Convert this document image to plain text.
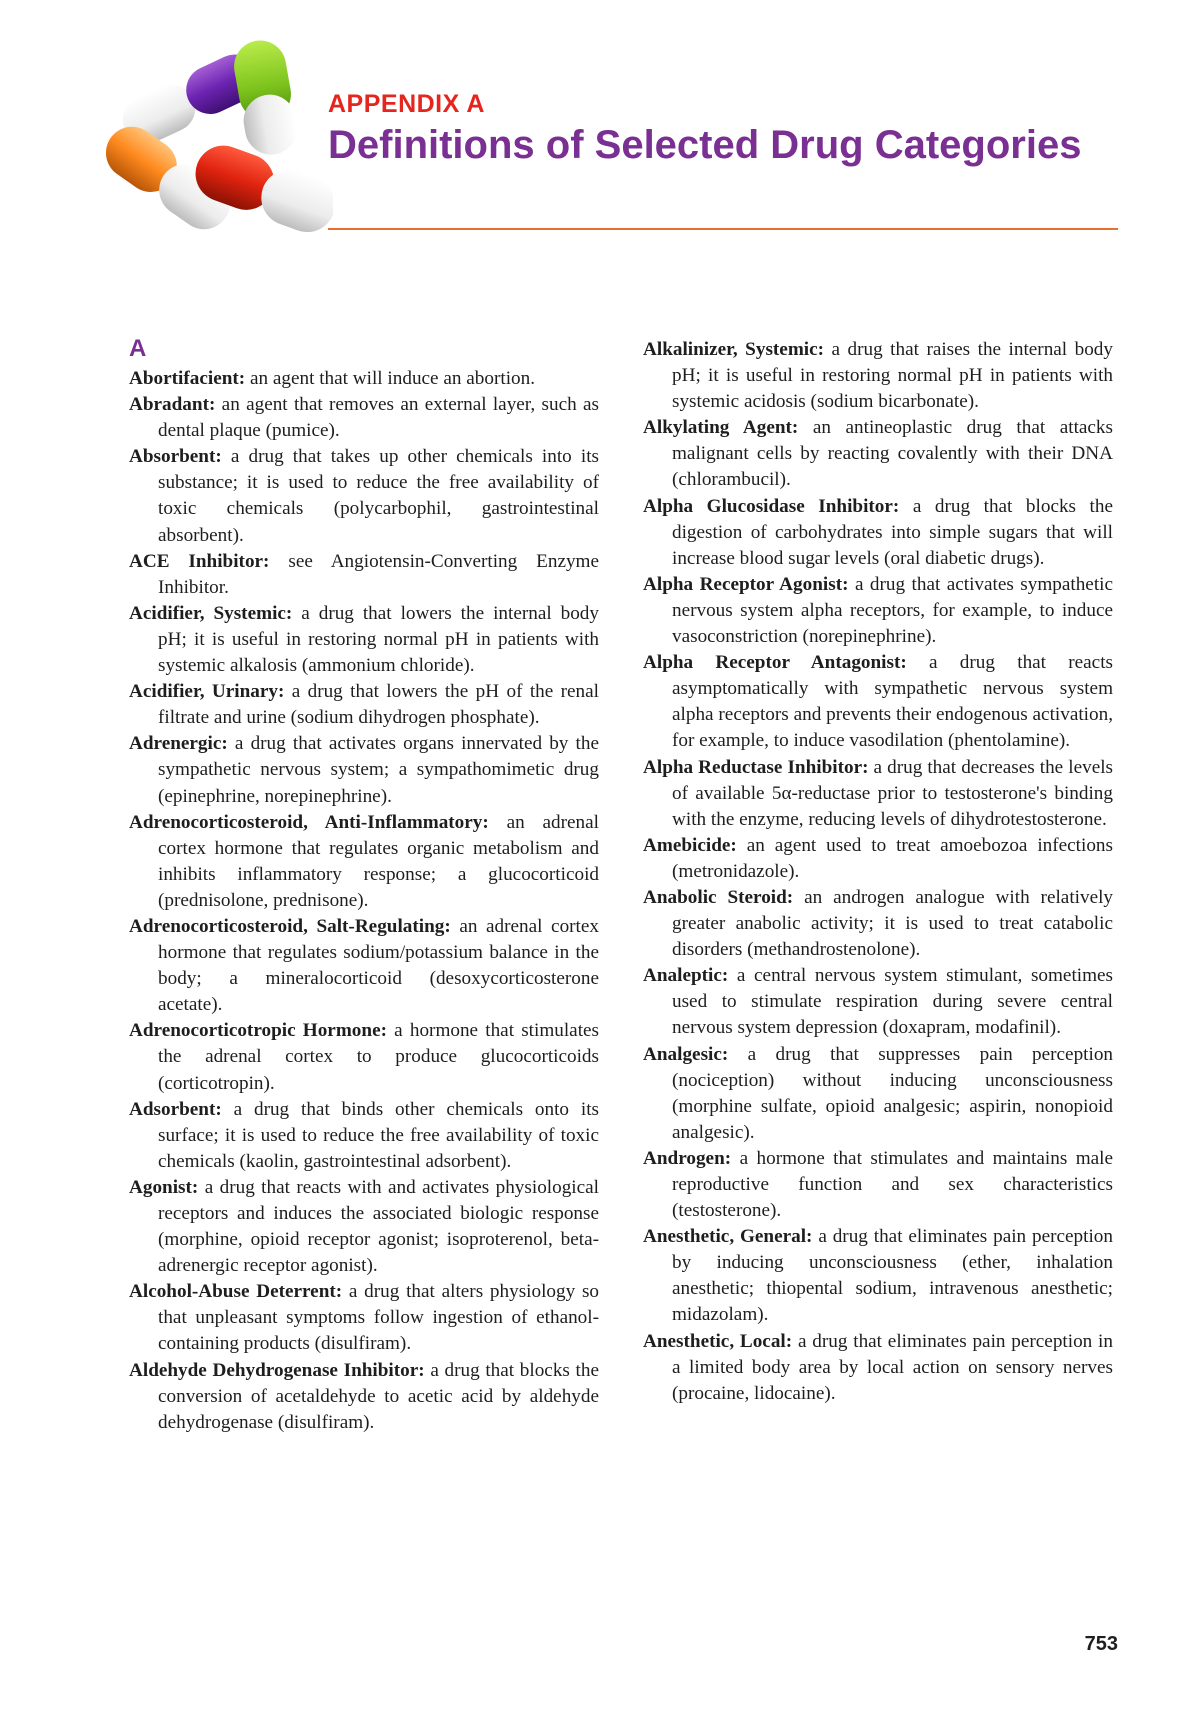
APPENDIX A
Definitions of Selected Drug Categories
A

Abortifacient: an agent that will induce an abortion.

Abradant: an agent that removes an external layer, such as dental plaque (pumice).

Absorbent: a drug that takes up other chemicals into its substance; it is used to reduce the free availability of toxic chemicals (polycarbophil, gastrointestinal absorbent).

ACE Inhibitor: see Angiotensin-Converting Enzyme Inhibitor.

Acidifier, Systemic: a drug that lowers the internal body pH; it is useful in restoring normal pH in patients with systemic alkalosis (ammonium chloride).

Acidifier, Urinary: a drug that lowers the pH of the renal filtrate and urine (sodium dihydrogen phosphate).

Adrenergic: a drug that activates organs innervated by the sympathetic nervous system; a sympathomimetic drug (epinephrine, norepinephrine).

Adrenocorticosteroid, Anti-Inflammatory: an adrenal cortex hormone that regulates organic metabolism and inhibits inflammatory response; a glucocorticoid (prednisolone, prednisone).

Adrenocorticosteroid, Salt-Regulating: an adrenal cortex hormone that regulates sodium/potassium balance in the body; a mineralocorticoid (desoxycorticosterone acetate).

Adrenocorticotropic Hormone: a hormone that stimulates the adrenal cortex to produce glucocorticoids (corticotropin).

Adsorbent: a drug that binds other chemicals onto its surface; it is used to reduce the free availability of toxic chemicals (kaolin, gastrointestinal adsorbent).

Agonist: a drug that reacts with and activates physiological receptors and induces the associated biologic response (morphine, opioid receptor agonist; isoproterenol, beta-adrenergic receptor agonist).

Alcohol-Abuse Deterrent: a drug that alters physiology so that unpleasant symptoms follow ingestion of ethanol-containing products (disulfiram).

Aldehyde Dehydrogenase Inhibitor: a drug that blocks the conversion of acetaldehyde to acetic acid by aldehyde dehydrogenase (disulfiram).

Alkalinizer, Systemic: a drug that raises the internal body pH; it is useful in restoring normal pH in patients with systemic acidosis (sodium bicarbonate).

Alkylating Agent: an antineoplastic drug that attacks malignant cells by reacting covalently with their DNA (chlorambucil).

Alpha Glucosidase Inhibitor: a drug that blocks the digestion of carbohydrates into simple sugars that will increase blood sugar levels (oral diabetic drugs).

Alpha Receptor Agonist: a drug that activates sympathetic nervous system alpha receptors, for example, to induce vasoconstriction (norepinephrine).

Alpha Receptor Antagonist: a drug that reacts asymptomatically with sympathetic nervous system alpha receptors and prevents their endogenous activation, for example, to induce vasodilation (phentolamine).

Alpha Reductase Inhibitor: a drug that decreases the levels of available 5α-reductase prior to testosterone's binding with the enzyme, reducing levels of dihydrotestosterone.

Amebicide: an agent used to treat amoebozoa infections (metronidazole).

Anabolic Steroid: an androgen analogue with relatively greater anabolic activity; it is used to treat catabolic disorders (methandrostenolone).

Analeptic: a central nervous system stimulant, sometimes used to stimulate respiration during severe central nervous system depression (doxapram, modafinil).

Analgesic: a drug that suppresses pain perception (nociception) without inducing unconsciousness (morphine sulfate, opioid analgesic; aspirin, nonopioid analgesic).

Androgen: a hormone that stimulates and maintains male reproductive function and sex characteristics (testosterone).

Anesthetic, General: a drug that eliminates pain perception by inducing unconsciousness (ether, inhalation anesthetic; thiopental sodium, intravenous anesthetic; midazolam).

Anesthetic, Local: a drug that eliminates pain perception in a limited body area by local action on sensory nerves (procaine, lidocaine).

753
